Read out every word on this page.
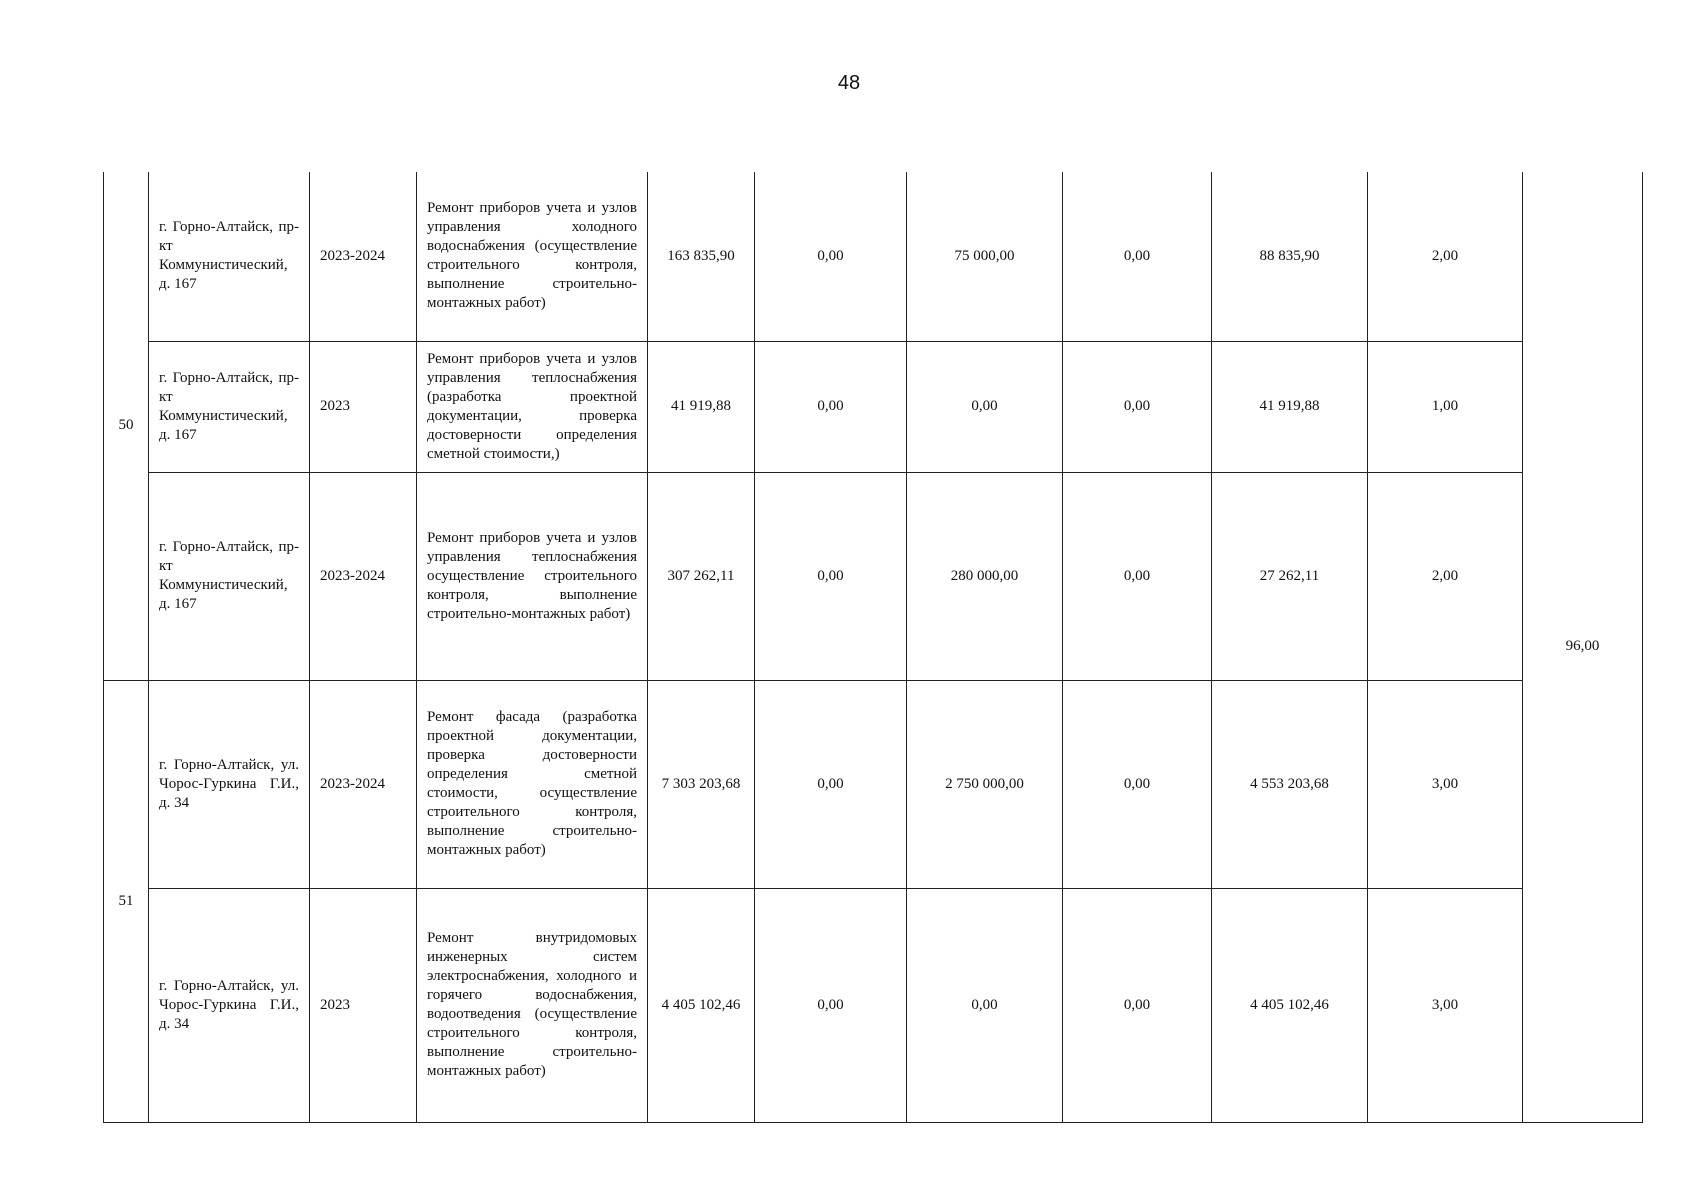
48
50	г. Горно-Алтайск, пр-кт Коммунистический, д. 167	2023-2024	Ремонт приборов учета и узлов управления холодного водоснабжения (осуществление строительного контроля, выполнение строительно-монтажных работ)	163 835,90	0,00	75 000,00	0,00	88 835,90	2,00	96,00
	г. Горно-Алтайск, пр-кт Коммунистический, д. 167	2023	Ремонт приборов учета и узлов управления теплоснабжения (разработка проектной документации, проверка достоверности определения сметной стоимости,)	41 919,88	0,00	0,00	0,00	41 919,88	1,00	
	г. Горно-Алтайск, пр-кт Коммунистический, д. 167	2023-2024	Ремонт приборов учета и узлов управления теплоснабжения осуществление строительного контроля, выполнение строительно-монтажных работ)	307 262,11	0,00	280 000,00	0,00	27 262,11	2,00	
51	г. Горно-Алтайск, ул. Чорос-Гуркина Г.И., д. 34	2023-2024	Ремонт фасада (разработка проектной документации, проверка достоверности определения сметной стоимости, осуществление строительного контроля, выполнение строительно-монтажных работ)	7 303 203,68	0,00	2 750 000,00	0,00	4 553 203,68	3,00	
	г. Горно-Алтайск, ул. Чорос-Гуркина Г.И., д. 34	2023	Ремонт внутридомовых инженерных систем электроснабжения, холодного и горячего водоснабжения, водоотведения (осуществление строительного контроля, выполнение строительно-монтажных работ)	4 405 102,46	0,00	0,00	0,00	4 405 102,46	3,00	
